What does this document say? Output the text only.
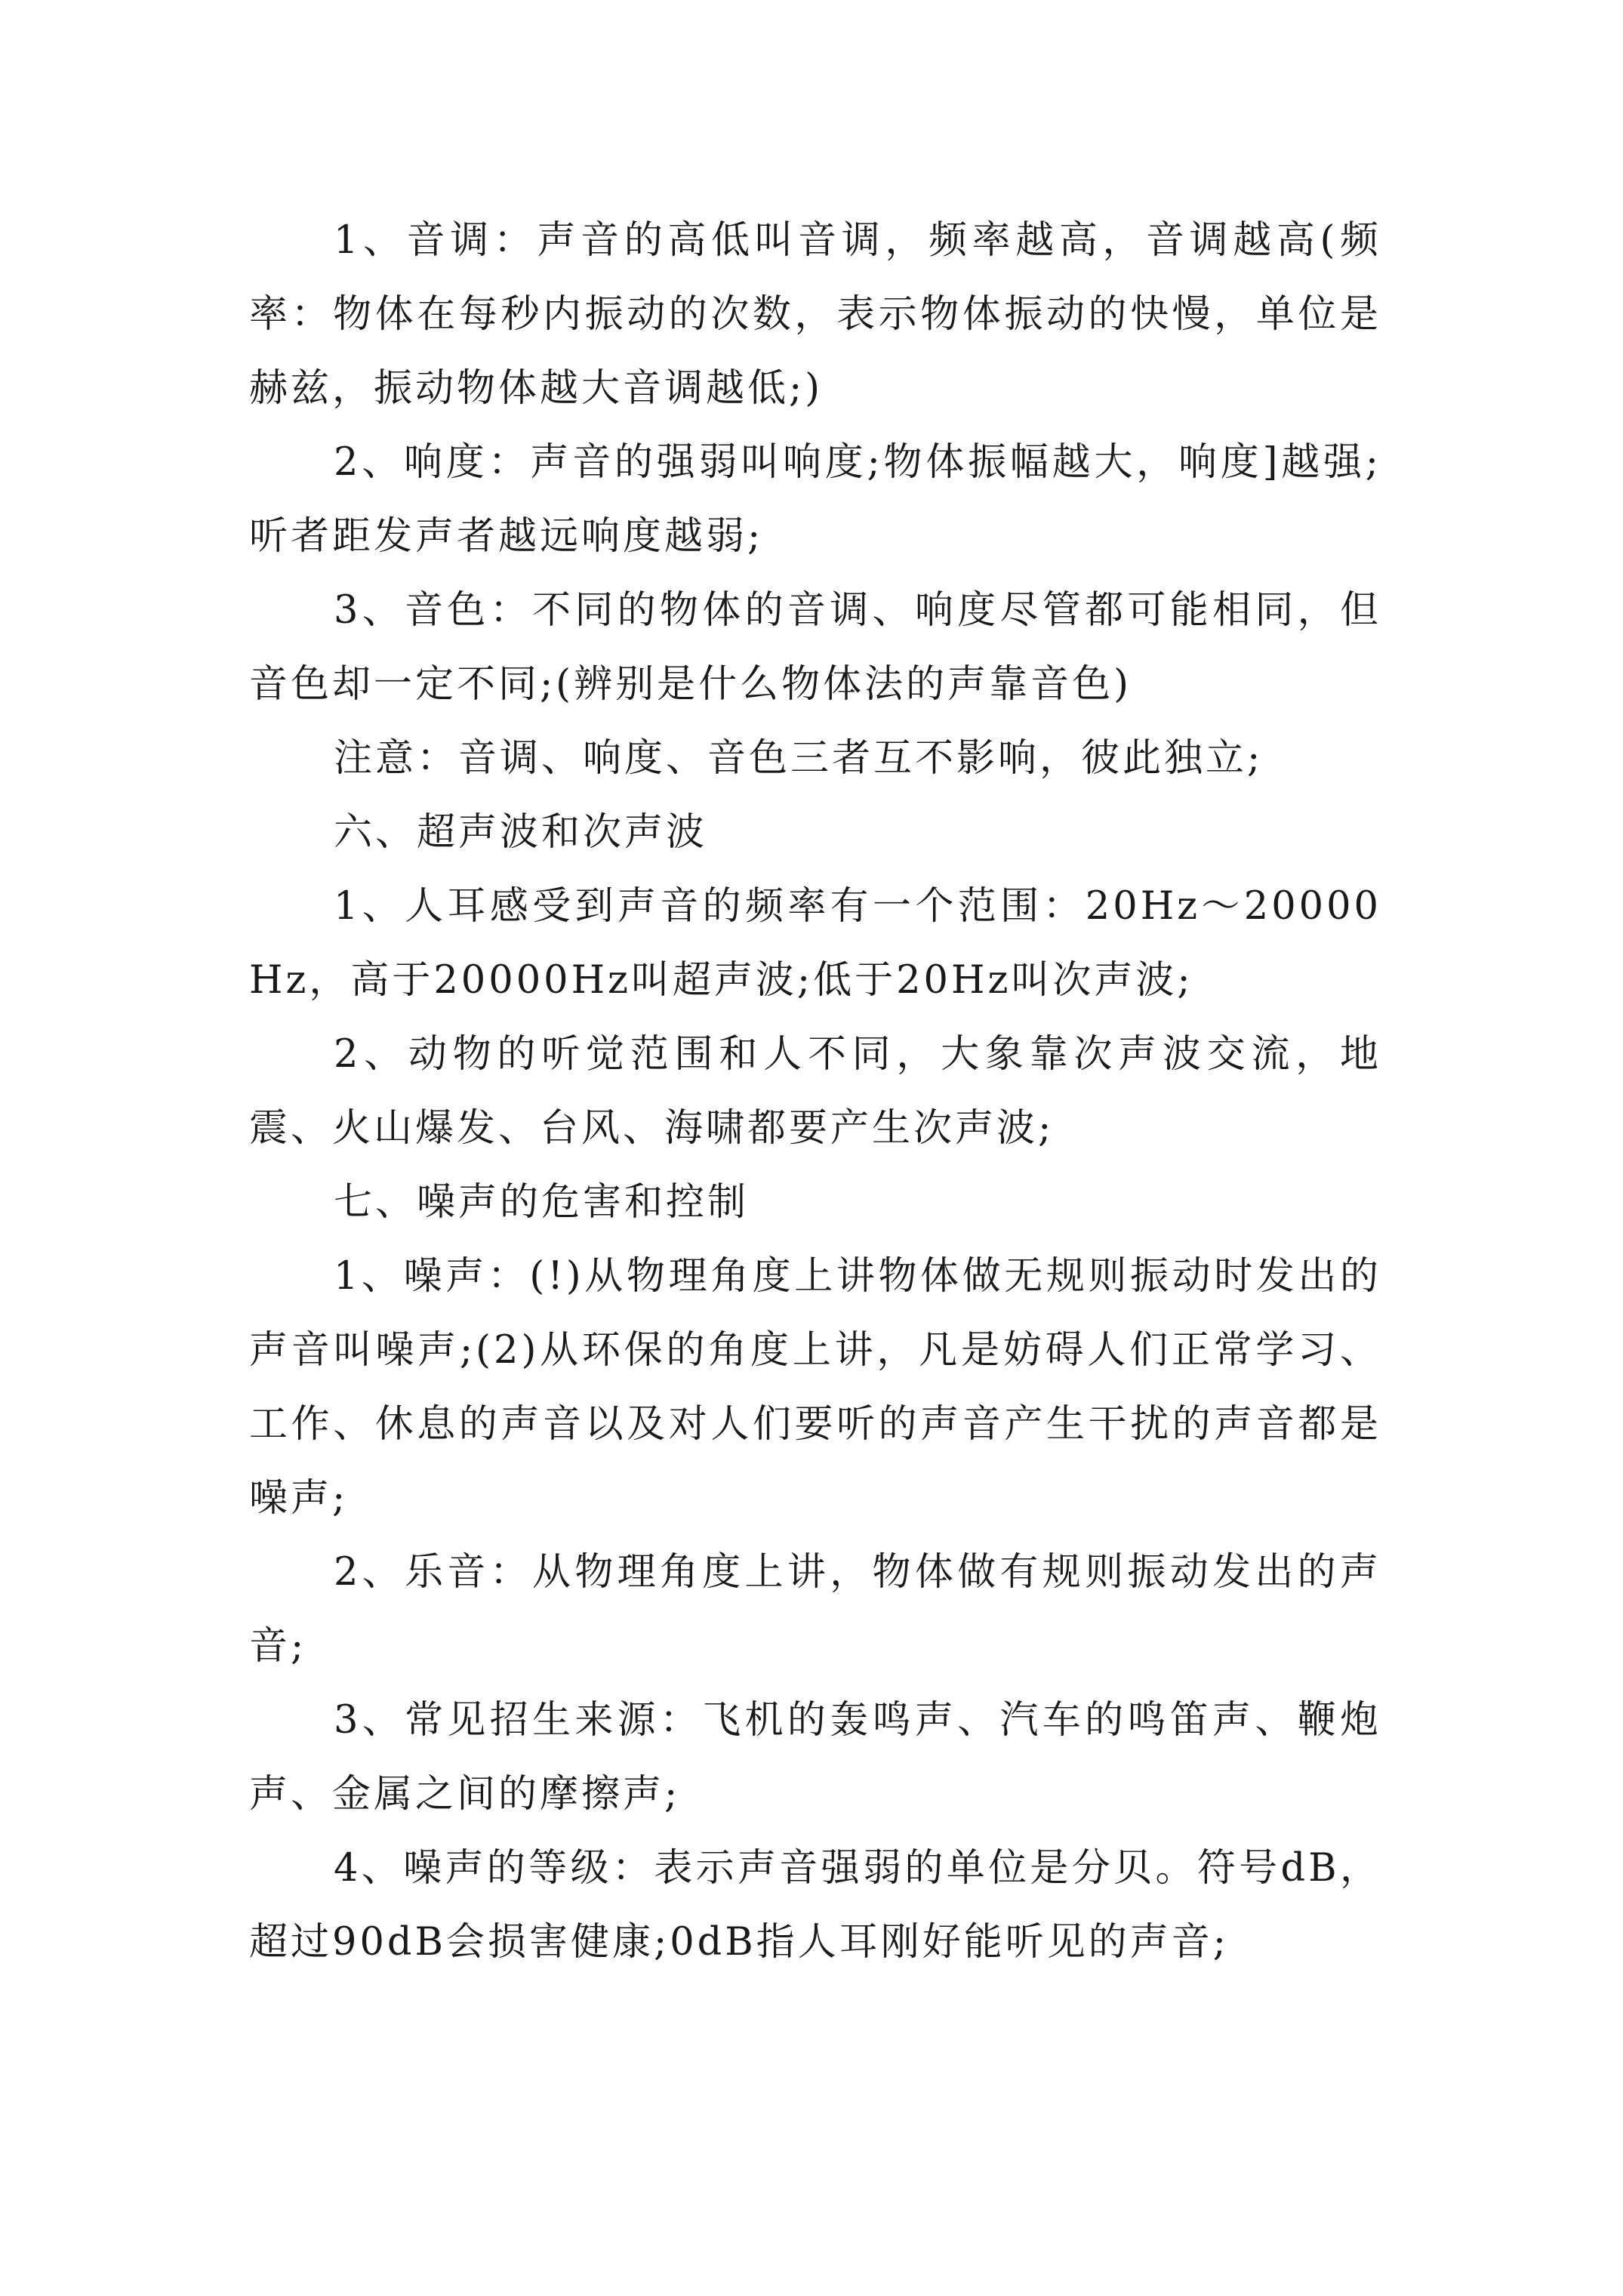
1、音调：声音的高低叫音调，频率越高，音调越高(频率：物体在每秒内振动的次数，表示物体振动的快慢，单位是赫兹，振动物体越大音调越低;)

2、响度：声音的强弱叫响度;物体振幅越大，响度]越强;听者距发声者越远响度越弱;

3、音色：不同的物体的音调、响度尽管都可能相同，但音色却一定不同;(辨别是什么物体法的声靠音色)

注意：音调、响度、音色三者互不影响，彼此独立;

六、超声波和次声波

1、人耳感受到声音的频率有一个范围：20Hz～20000Hz，高于20000Hz叫超声波;低于20Hz叫次声波;

2、动物的听觉范围和人不同，大象靠次声波交流，地震、火山爆发、台风、海啸都要产生次声波;

七、噪声的危害和控制

1、噪声：(!)从物理角度上讲物体做无规则振动时发出的声音叫噪声;(2)从环保的角度上讲，凡是妨碍人们正常学习、工作、休息的声音以及对人们要听的声音产生干扰的声音都是噪声;

2、乐音：从物理角度上讲，物体做有规则振动发出的声音;

3、常见招生来源：飞机的轰鸣声、汽车的鸣笛声、鞭炮声、金属之间的摩擦声;

4、噪声的等级：表示声音强弱的单位是分贝。符号dB，超过90dB会损害健康;0dB指人耳刚好能听见的声音;
